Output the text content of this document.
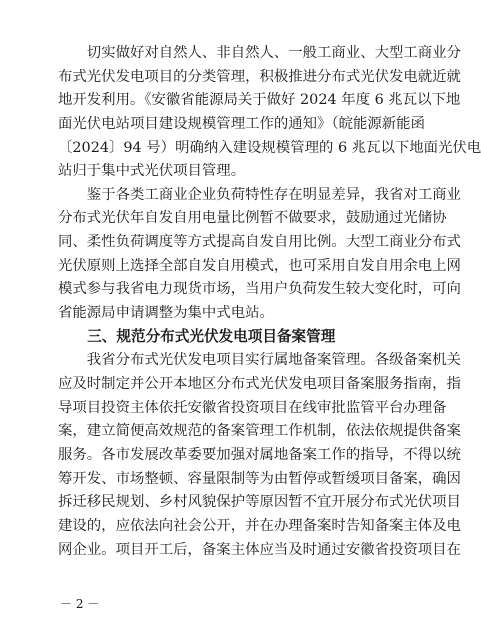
　　切实做好对自然人、非自然人、一般工商业、大型工商业分
布式光伏发电项目的分类管理，积极推进分布式光伏发电就近就
地开发利用。《安徽省能源局关于做好 2024 年度 6 兆瓦以下地
面光伏电站项目建设规模管理工作的通知》（皖能源新能函
〔2024〕94 号）明确纳入建设规模管理的 6 兆瓦以下地面光伏电
站归于集中式光伏项目管理。
　　鉴于各类工商业企业负荷特性存在明显差异，我省对工商业
分布式光伏年自发自用电量比例暂不做要求，鼓励通过光储协
同、柔性负荷调度等方式提高自发自用比例。大型工商业分布式
光伏原则上选择全部自发自用模式，也可采用自发自用余电上网
模式参与我省电力现货市场，当用户负荷发生较大变化时，可向
省能源局申请调整为集中式电站。
　　三、规范分布式光伏发电项目备案管理
　　我省分布式光伏发电项目实行属地备案管理。各级备案机关
应及时制定并公开本地区分布式光伏发电项目备案服务指南，指
导项目投资主体依托安徽省投资项目在线审批监管平台办理备
案，建立简便高效规范的备案管理工作机制，依法依规提供备案
服务。各市发展改革委要加强对属地备案工作的指导，不得以统
筹开发、市场整顿、容量限制等为由暂停或暂缓项目备案，确因
拆迁移民规划、乡村风貌保护等原因暂不宜开展分布式光伏项目
建设的，应依法向社会公开，并在办理备案时告知备案主体及电
网企业。项目开工后，备案主体应当及时通过安徽省投资项目在
－ 2 －
